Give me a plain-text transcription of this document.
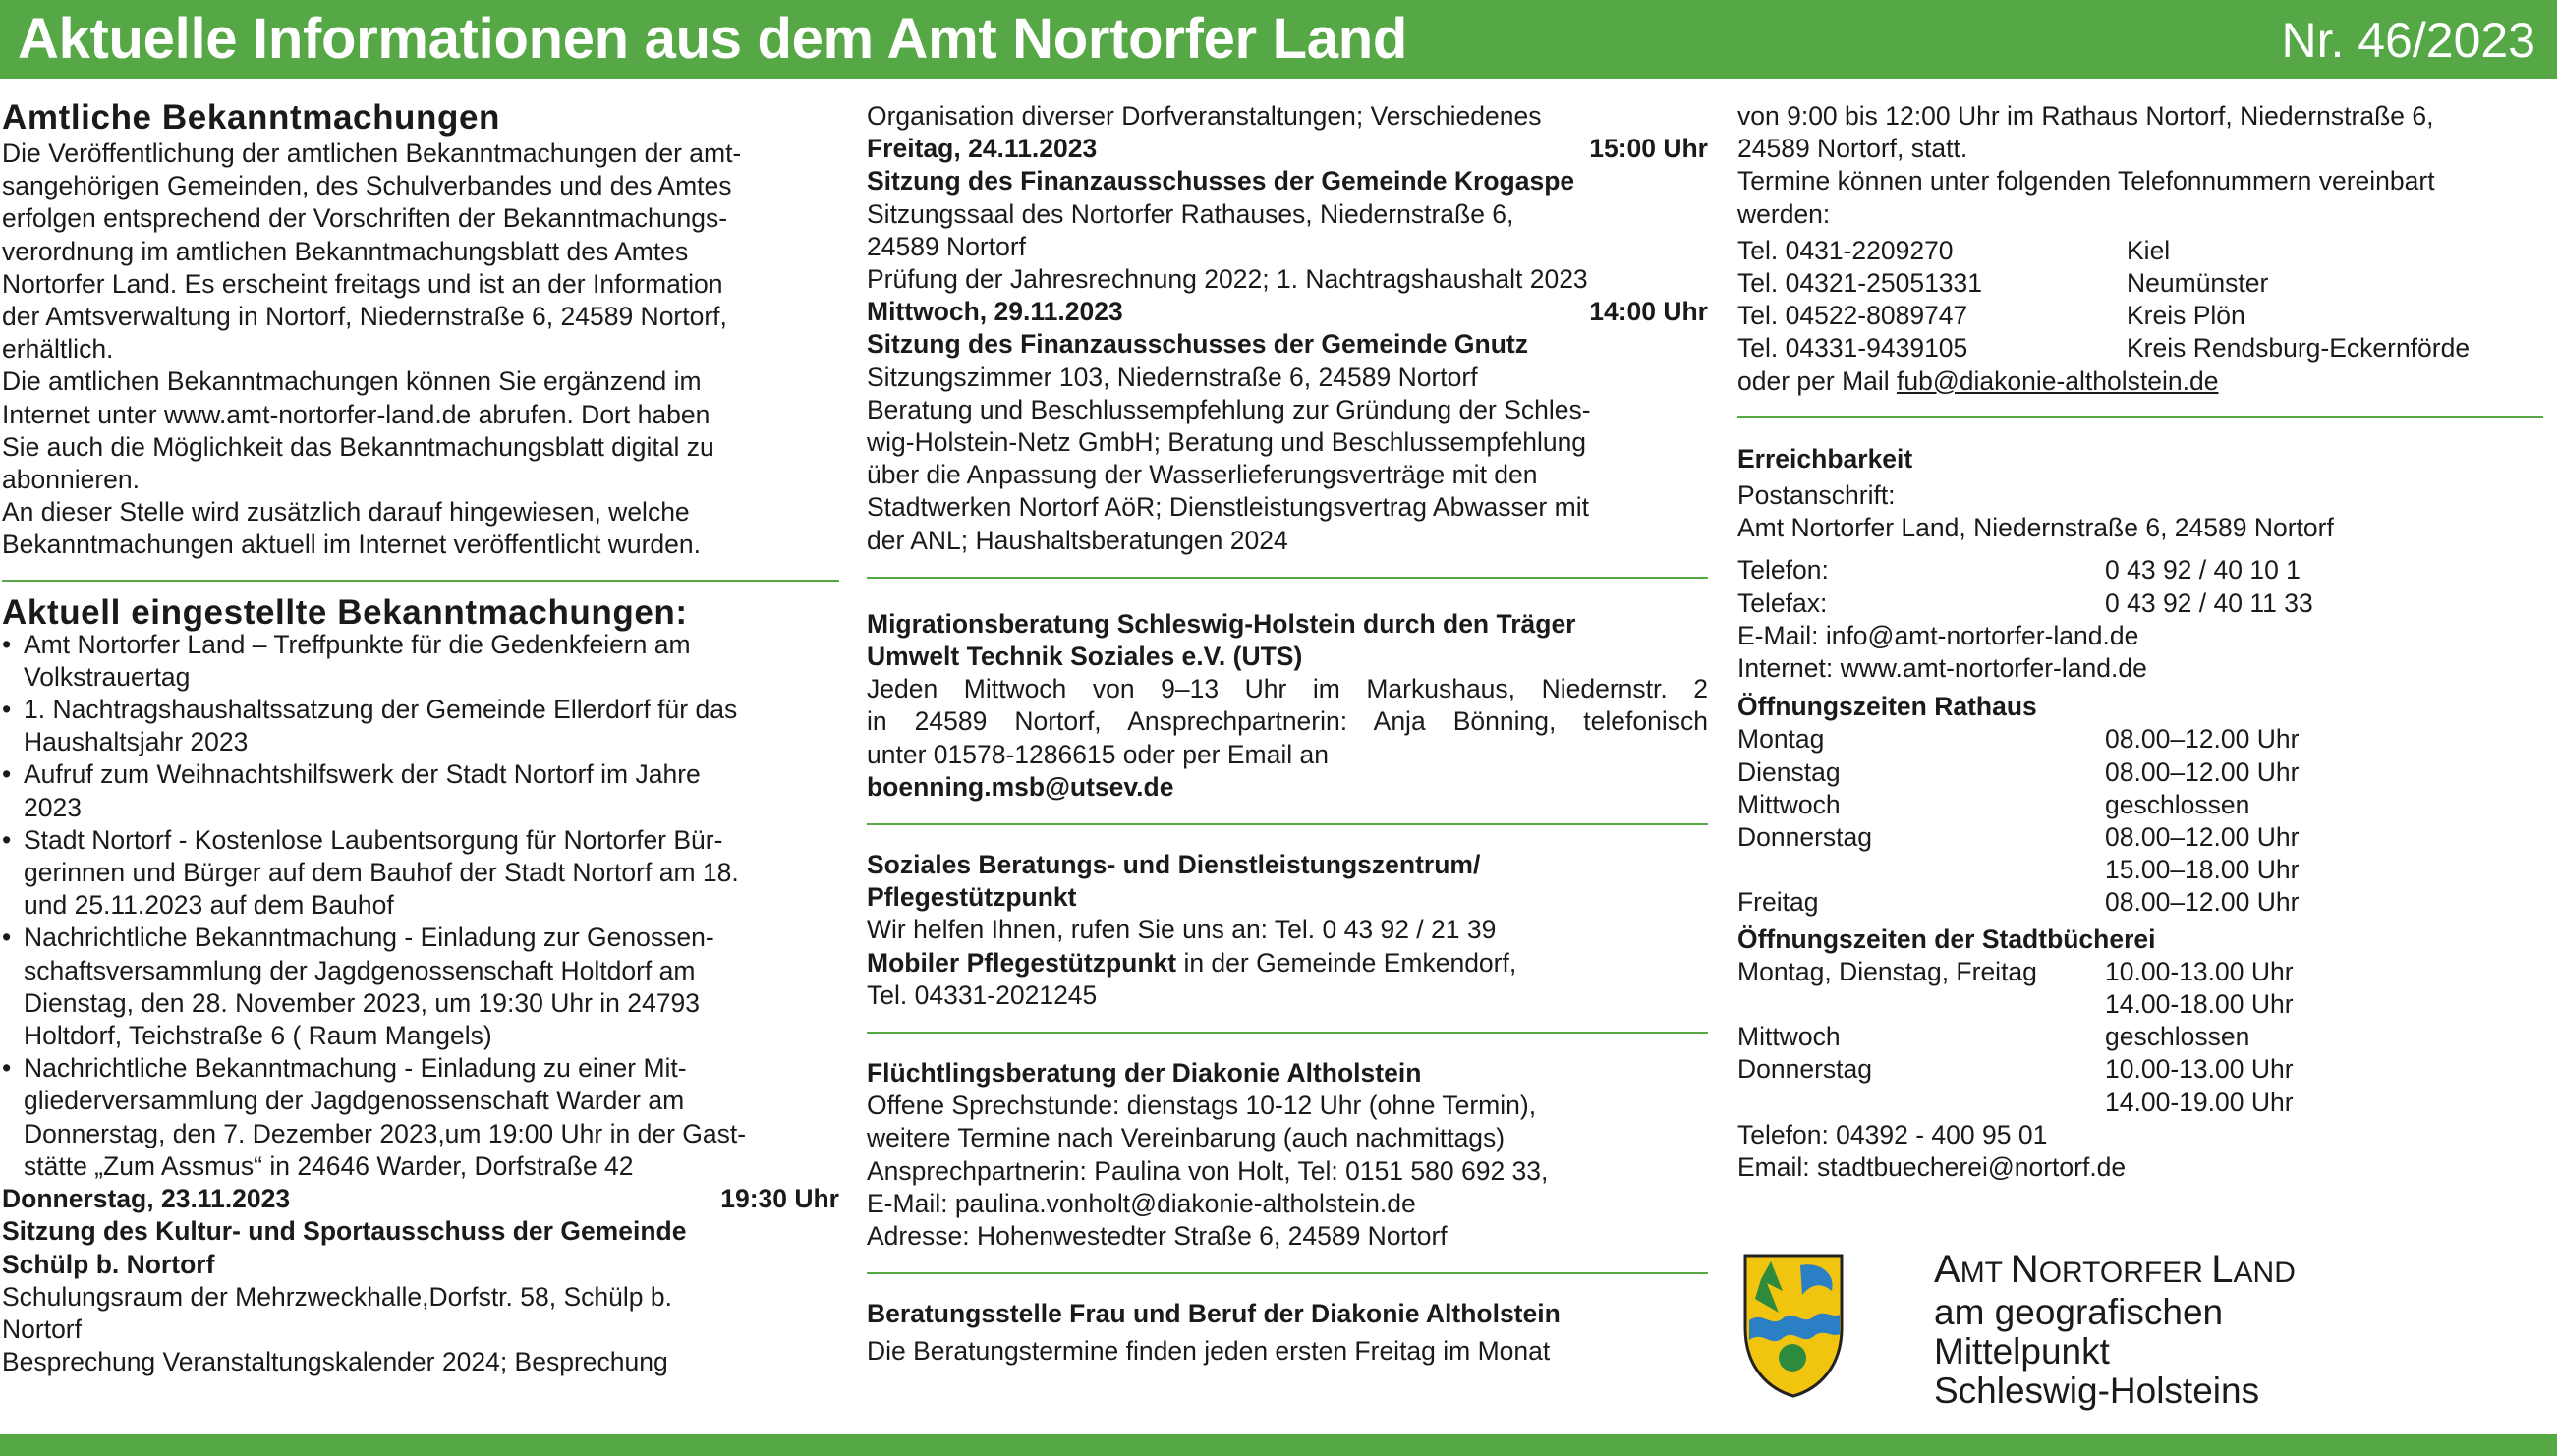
Aktuelle Informationen aus dem Amt Nortorfer Land	Nr. 46/2023

Amtliche Bekanntmachungen

Die Veröffentlichung der amtlichen Bekanntmachungen der amt-

sangehörigen Gemeinden, des Schulverbandes und des Amtes

erfolgen entsprechend der Vorschriften der Bekanntmachungs-

verordnung im amtlichen Bekanntmachungsblatt des Amtes

Nortorfer Land. Es erscheint freitags und ist an der Information

der Amtsverwaltung in Nortorf, Niedernstraße 6, 24589 Nortorf,

erhältlich.

Die amtlichen Bekanntmachungen können Sie ergänzend im

Internet unter www.amt-nortorfer-land.de abrufen. Dort haben

Sie auch die Möglichkeit das Bekanntmachungsblatt digital zu

abonnieren.

An dieser Stelle wird zusätzlich darauf hingewiesen, welche

Bekanntmachungen aktuell im Internet veröffentlicht wurden.

Aktuell eingestellte Bekanntmachungen:

• Amt Nortorfer Land – Treffpunkte für die Gedenkfeiern am

Volkstrauertag

• 1. Nachtragshaushaltssatzung der Gemeinde Ellerdorf für das

Haushaltsjahr 2023

• Aufruf zum Weihnachtshilfswerk der Stadt Nortorf im Jahre

2023

• Stadt Nortorf - Kostenlose Laubentsorgung für Nortorfer Bür-

gerinnen und Bürger auf dem Bauhof der Stadt Nortorf am 18.

und 25.11.2023 auf dem Bauhof

• Nachrichtliche Bekanntmachung - Einladung zur Genossen-

schaftsversammlung der Jagdgenossenschaft Holtdorf am

Dienstag, den 28. November 2023, um 19:30 Uhr in 24793

Holtdorf, Teichstraße 6 ( Raum Mangels)

• Nachrichtliche Bekanntmachung - Einladung zu einer Mit-

gliederversammlung der Jagdgenossenschaft Warder am

Donnerstag, den 7. Dezember 2023,um 19:00 Uhr in der Gast-

stätte „Zum Assmus“ in 24646 Warder, Dorfstraße 42

Donnerstag, 23.11.2023	19:30 Uhr

Sitzung des Kultur- und Sportausschuss der Gemeinde

Schülp b. Nortorf

Schulungsraum der Mehrzweckhalle,Dorfstr. 58, Schülp b.

Nortorf

Besprechung Veranstaltungskalender 2024; Besprechung

Organisation diverser Dorfveranstaltungen; Verschiedenes

Freitag, 24.11.2023	15:00 Uhr

Sitzung des Finanzausschusses der Gemeinde Krogaspe

Sitzungssaal des Nortorfer Rathauses, Niedernstraße 6,

24589 Nortorf

Prüfung der Jahresrechnung 2022; 1. Nachtragshaushalt 2023

Mittwoch, 29.11.2023	14:00 Uhr

Sitzung des Finanzausschusses der Gemeinde Gnutz

Sitzungszimmer 103, Niedernstraße 6, 24589 Nortorf

Beratung und Beschlussempfehlung zur Gründung der Schles-

wig-Holstein-Netz GmbH; Beratung und Beschlussempfehlung

über die Anpassung der Wasserlieferungsverträge mit den

Stadtwerken Nortorf AöR; Dienstleistungsvertrag Abwasser mit

der ANL; Haushaltsberatungen 2024

Migrationsberatung Schleswig-Holstein durch den Träger

Umwelt Technik Soziales e.V. (UTS)

Jeden Mittwoch von 9–13 Uhr im Markushaus, Niedernstr. 2

in 24589 Nortorf, Ansprechpartnerin: Anja Bönning, telefonisch

unter 01578-1286615 oder per Email an

boenning.msb@utsev.de

Soziales Beratungs- und Dienstleistungszentrum/

Pflegestützpunkt

Wir helfen Ihnen, rufen Sie uns an: Tel. 0 43 92 / 21 39

Mobiler Pflegestützpunkt in der Gemeinde Emkendorf,

Tel. 04331-2021245

Flüchtlingsberatung der Diakonie Altholstein

Offene Sprechstunde: dienstags 10-12 Uhr (ohne Termin),

weitere Termine nach Vereinbarung (auch nachmittags)

Ansprechpartnerin: Paulina von Holt, Tel: 0151 580 692 33,

E-Mail: paulina.vonholt@diakonie-altholstein.de

Adresse: Hohenwestedter Straße 6, 24589 Nortorf

Beratungsstelle Frau und Beruf der Diakonie Altholstein

Die Beratungstermine finden jeden ersten Freitag im Monat

von 9:00 bis 12:00 Uhr im Rathaus Nortorf, Niedernstraße 6,

24589 Nortorf, statt.

Termine können unter folgenden Telefonnummern vereinbart

werden:

Tel. 0431-2209270	Kiel
Tel. 04321-25051331	Neumünster
Tel. 04522-8089747	Kreis Plön
Tel. 04331-9439105	Kreis Rendsburg-Eckernförde

oder per Mail fub@diakonie-altholstein.de

Erreichbarkeit

Postanschrift:

Amt Nortorfer Land, Niedernstraße 6, 24589 Nortorf

Telefon:	0 43 92 / 40 10 1
Telefax:	0 43 92 / 40 11 33

E-Mail: info@amt-nortorfer-land.de

Internet: www.amt-nortorfer-land.de

Öffnungszeiten Rathaus

Montag	08.00–12.00 Uhr
Dienstag	08.00–12.00 Uhr
Mittwoch	geschlossen
Donnerstag	08.00–12.00 Uhr
15.00–18.00 Uhr
Freitag	08.00–12.00 Uhr

Öffnungszeiten der Stadtbücherei

Montag, Dienstag, Freitag	10.00-13.00 Uhr
14.00-18.00 Uhr
Mittwoch	geschlossen
Donnerstag	10.00-13.00 Uhr
14.00-19.00 Uhr

Telefon: 04392 - 400 95 01

Email: stadtbuecherei@nortorf.de

AMT NORTORFER LAND

am geografischen

Mittelpunkt

Schleswig-Holsteins
